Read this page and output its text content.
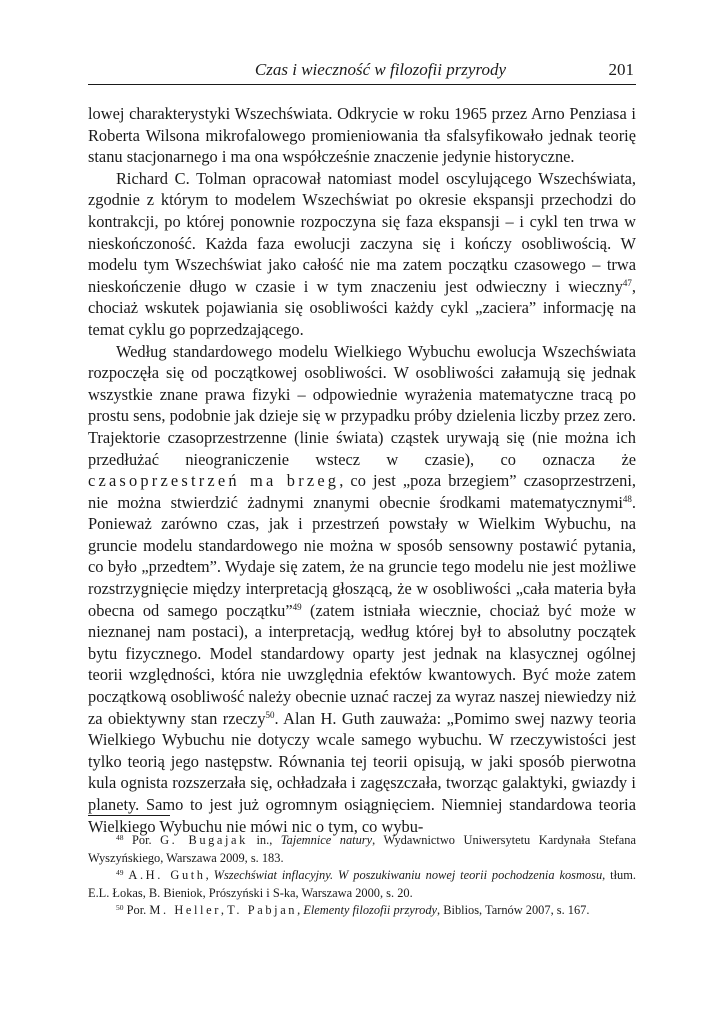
Czas i wieczność w filozofii przyrody	201

lowej charakterystyki Wszechświata. Odkrycie w roku 1965 przez Arno Penziasa i Roberta Wilsona mikrofalowego promieniowania tła sfalsyfikowało jednak teorię stanu stacjonarnego i ma ona współcześnie znaczenie jedynie historyczne.

Richard C. Tolman opracował natomiast model oscylującego Wszechświata, zgodnie z którym to modelem Wszechświat po okresie ekspansji przechodzi do kontrakcji, po której ponownie rozpoczyna się faza ekspansji – i cykl ten trwa w nieskończoność. Każda faza ewolucji zaczyna się i kończy osobliwością. W modelu tym Wszechświat jako całość nie ma zatem początku czasowego – trwa nieskończenie długo w czasie i w tym znaczeniu jest odwieczny i wieczny$^{47}$, chociaż wskutek pojawiania się osobliwości każdy cykl „zaciera” informację na temat cyklu go poprzedzającego.

Według standardowego modelu Wielkiego Wybuchu ewolucja Wszechświata rozpoczęła się od początkowej osobliwości. W osobliwości załamują się jednak wszystkie znane prawa fizyki – odpowiednie wyrażenia matematyczne tracą po prostu sens, podobnie jak dzieje się w przypadku próby dzielenia liczby przez zero. Trajektorie czasoprzestrzenne (linie świata) cząstek urywają się (nie można ich przedłużać nieograniczenie wstecz w czasie), co oznacza że czasoprzestrzeń ma brzeg, co jest „poza brzegiem” czasoprzestrzeni, nie można stwierdzić żadnymi znanymi obecnie środkami matematycznymi$^{48}$. Ponieważ zarówno czas, jak i przestrzeń powstały w Wielkim Wybuchu, na gruncie modelu standardowego nie można w sposób sensowny postawić pytania, co było „przedtem”. Wydaje się zatem, że na gruncie tego modelu nie jest możliwe rozstrzygnięcie między interpretacją głoszącą, że w osobliwości „cała materia była obecna od samego początku”$^{49}$ (zatem istniała wiecznie, chociaż być może w nieznanej nam postaci), a interpretacją, według której był to absolutny początek bytu fizycznego. Model standardowy oparty jest jednak na klasycznej ogólnej teorii względności, która nie uwzględnia efektów kwantowych. Być może zatem początkową osobliwość należy obecnie uznać raczej za wyraz naszej niewiedzy niż za obiektywny stan rzeczy$^{50}$. Alan H. Guth zauważa: „Pomimo swej nazwy teoria Wielkiego Wybuchu nie dotyczy wcale samego wybuchu. W rzeczywistości jest tylko teorią jego następstw. Równania tej teorii opisują, w jaki sposób pierwotna kula ognista rozszerzała się, ochładzała i zagęszczała, tworząc galaktyki, gwiazdy i planety. Samo to jest już ogromnym osiągnięciem. Niemniej standardowa teoria Wielkiego Wybuchu nie mówi nic o tym, co wybu-

$^{48}$ Por. G. Bugajak in., Tajemnice natury, Wydawnictwo Uniwersytetu Kardynała Stefana Wyszyńskiego, Warszawa 2009, s. 183.

$^{49}$ A.H. Guth, Wszechświat inflacyjny. W poszukiwaniu nowej teorii pochodzenia kosmosu, tłum. E.L. Łokas, B. Bieniok, Prószyński i S-ka, Warszawa 2000, s. 20.

$^{50}$ Por. M. Heller, T. Pabjan, Elementy filozofii przyrody, Biblios, Tarnów 2007, s. 167.
